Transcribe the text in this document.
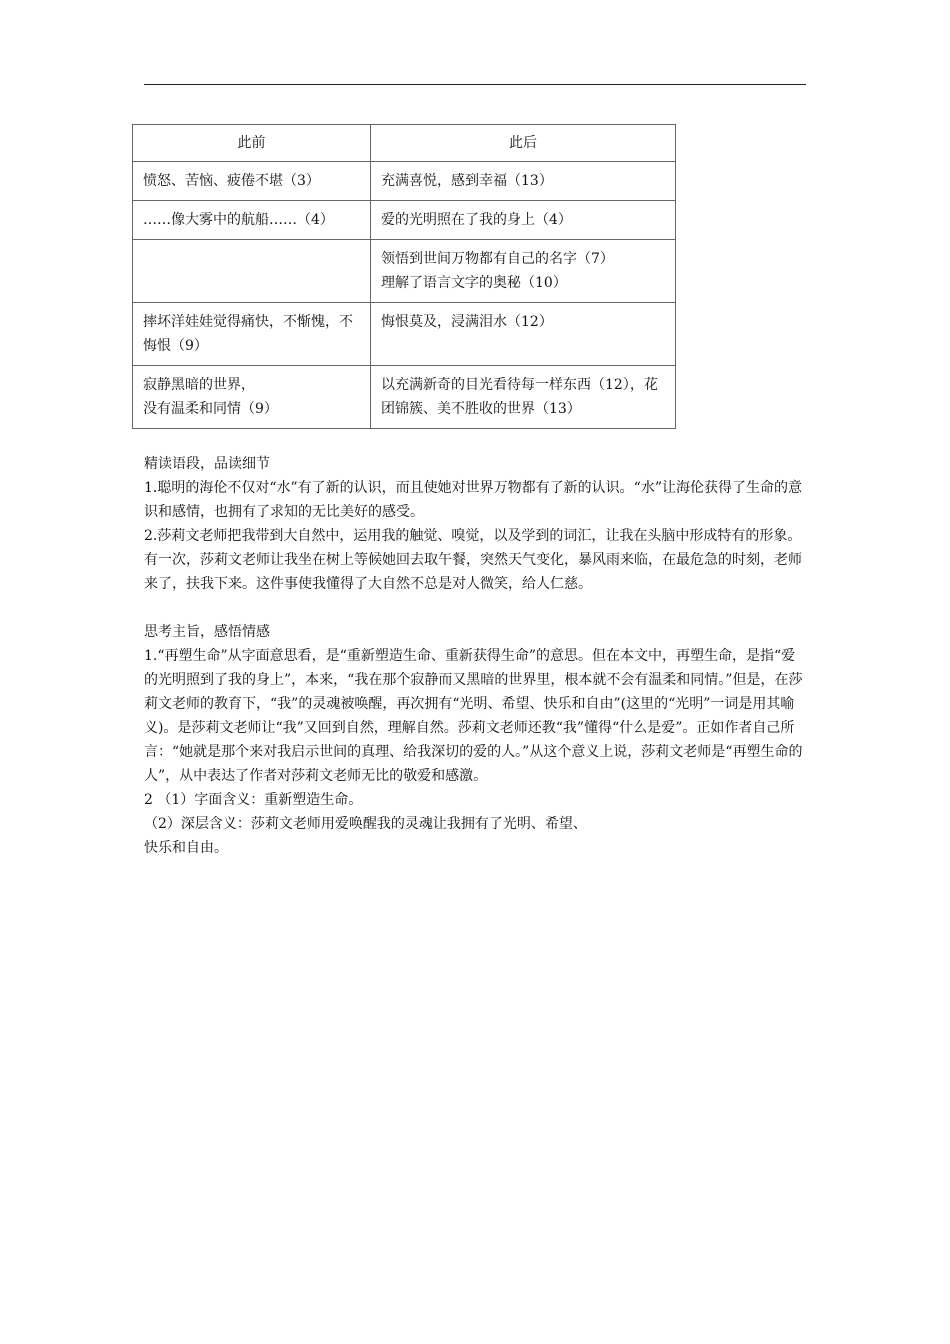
此前	此后

愤怒、苦恼、疲倦不堪（3）	充满喜悦，感到幸福（13）

……像大雾中的航船……（4）	爱的光明照在了我的身上（4）

	领悟到世间万物都有自己的名字（7）
理解了语言文字的奥秘（10）

摔坏洋娃娃觉得痛快，不惭愧，不悔恨（9）	悔恨莫及，浸满泪水（12）

寂静黑暗的世界，
没有温柔和同情（9）	以充满新奇的目光看待每一样东西（12），花团锦簇、美不胜收的世界（13）

精读语段，品读细节

1.聪明的海伦不仅对“水”有了新的认识，而且使她对世界万物都有了新的认识。“水”让海伦获得了生命的意识和感情，也拥有了求知的无比美好的感受。

2.莎莉文老师把我带到大自然中，运用我的触觉、嗅觉，以及学到的词汇，让我在头脑中形成特有的形象。有一次，莎莉文老师让我坐在树上等候她回去取午餐，突然天气变化，暴风雨来临，在最危急的时刻，老师来了，扶我下来。这件事使我懂得了大自然不总是对人微笑，给人仁慈。

思考主旨，感悟情感

1.“再塑生命”从字面意思看，是“重新塑造生命、重新获得生命”的意思。但在本文中，再塑生命，是指“爱的光明照到了我的身上”，本来，“我在那个寂静而又黑暗的世界里，根本就不会有温柔和同情。”但是，在莎莉文老师的教育下，“我”的灵魂被唤醒，再次拥有“光明、希望、快乐和自由”(这里的“光明”一词是用其喻义)。是莎莉文老师让“我”又回到自然，理解自然。莎莉文老师还教“我”懂得“什么是爱”。正如作者自己所言：“她就是那个来对我启示世间的真理、给我深切的爱的人。”从这个意义上说，莎莉文老师是“再塑生命的人”，从中表达了作者对莎莉文老师无比的敬爱和感激。

2 （1）字面含义：重新塑造生命。

（2）深层含义：莎莉文老师用爱唤醒我的灵魂让我拥有了光明、希望、

快乐和自由。
